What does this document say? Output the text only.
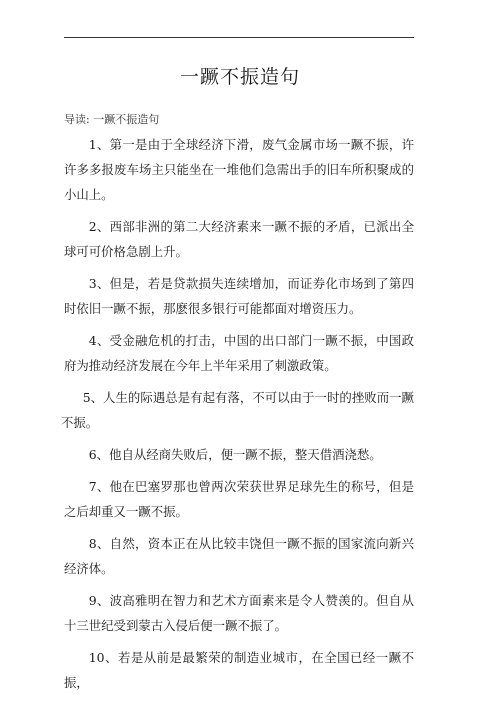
一蹶不振造句
导读: 一蹶不振造句

1、第一是由于全球经济下滑，废气金属市场一蹶不振，许许多多报废车场主只能坐在一堆他们急需出手的旧车所积聚成的小山上。

2、西部非洲的第二大经济素来一蹶不振的矛盾，已派出全球可可价格急剧上升。

3、但是，若是贷款损失连续增加，而证券化市场到了第四时依旧一蹶不振，那麽很多银行可能都面对增资压力。

4、受金融危机的打击，中国的出口部门一蹶不振，中国政府为推动经济发展在今年上半年采用了刺激政策。

5、人生的际遇总是有起有落，不可以由于一时的挫败而一蹶不振。

6、他自从经商失败后，便一蹶不振，整天借酒浇愁。

7、他在巴塞罗那也曾两次荣获世界足球先生的称号，但是之后却重又一蹶不振。

8、自然，资本正在从比较丰饶但一蹶不振的国家流向新兴经济体。

9、波高雅明在智力和艺术方面素来是令人赞羡的。但自从十三世纪受到蒙古入侵后便一蹶不振了。

10、若是从前是最繁荣的制造业城市，在全国已经一蹶不振，
